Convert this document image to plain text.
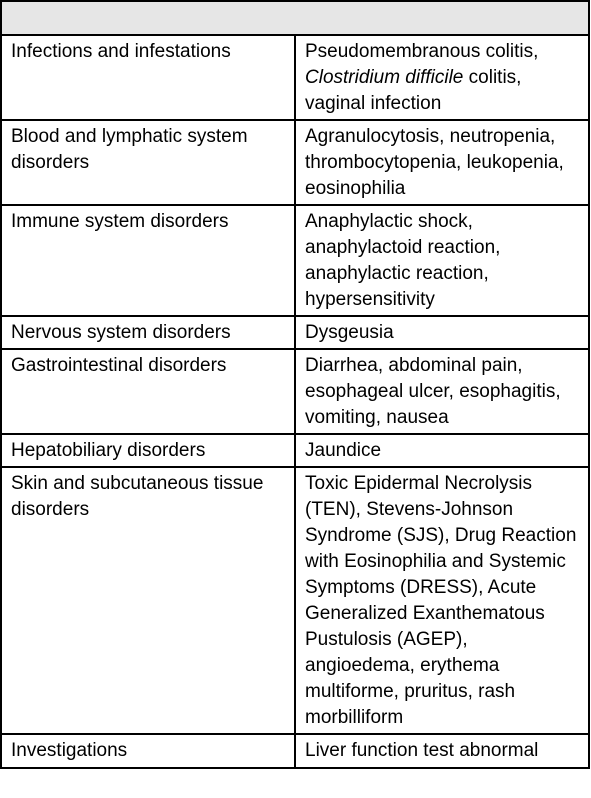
Infections and infestations	Pseudomembranous colitis, Clostridium difficile colitis, vaginal infection
Blood and lymphatic system disorders	Agranulocytosis, neutropenia, thrombocytopenia, leukopenia, eosinophilia
Immune system disorders	Anaphylactic shock, anaphylactoid reaction, anaphylactic reaction, hypersensitivity
Nervous system disorders	Dysgeusia
Gastrointestinal disorders	Diarrhea, abdominal pain, esophageal ulcer, esophagitis, vomiting, nausea
Hepatobiliary disorders	Jaundice
Skin and subcutaneous tissue disorders	Toxic Epidermal Necrolysis (TEN), Stevens-Johnson Syndrome (SJS), Drug Reaction with Eosinophilia and Systemic Symptoms (DRESS), Acute Generalized Exanthematous Pustulosis (AGEP), angioedema, erythema multiforme, pruritus, rash morbilliform
Investigations	Liver function test abnormal
